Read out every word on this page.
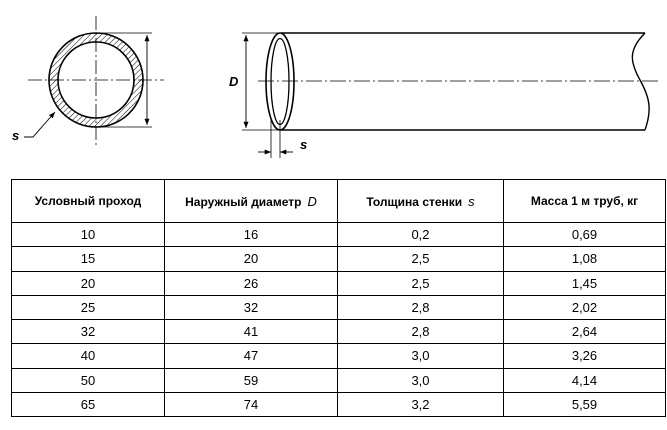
s
D
s
Условный проход	Наружный диаметр D	Толщина стенки s	Масса 1 м труб, кг
10	16	0,2	0,69
15	20	2,5	1,08
20	26	2,5	1,45
25	32	2,8	2,02
32	41	2,8	2,64
40	47	3,0	3,26
50	59	3,0	4,14
65	74	3,2	5,59
